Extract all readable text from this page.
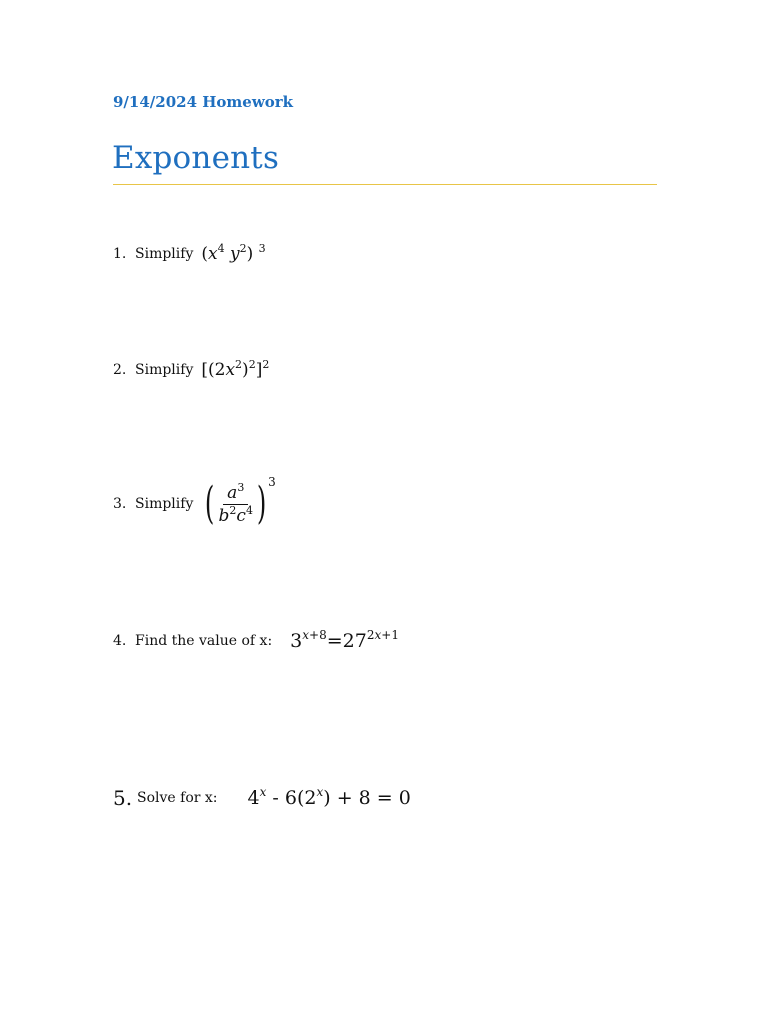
9/14/2024 Homework
Exponents
1. Simplify ($x^4$ $y^2$) $^3$
2. Simplify $[(2x^2)^2]^2$
3. Simplify ( $\frac{a^3}{b^2c^4}$ ) 3
4. Find the value of x: $3^{x+8}=27^{2x+1}$
5. Solve for x: $4^x - 6(2^x) + 8 = 0$
